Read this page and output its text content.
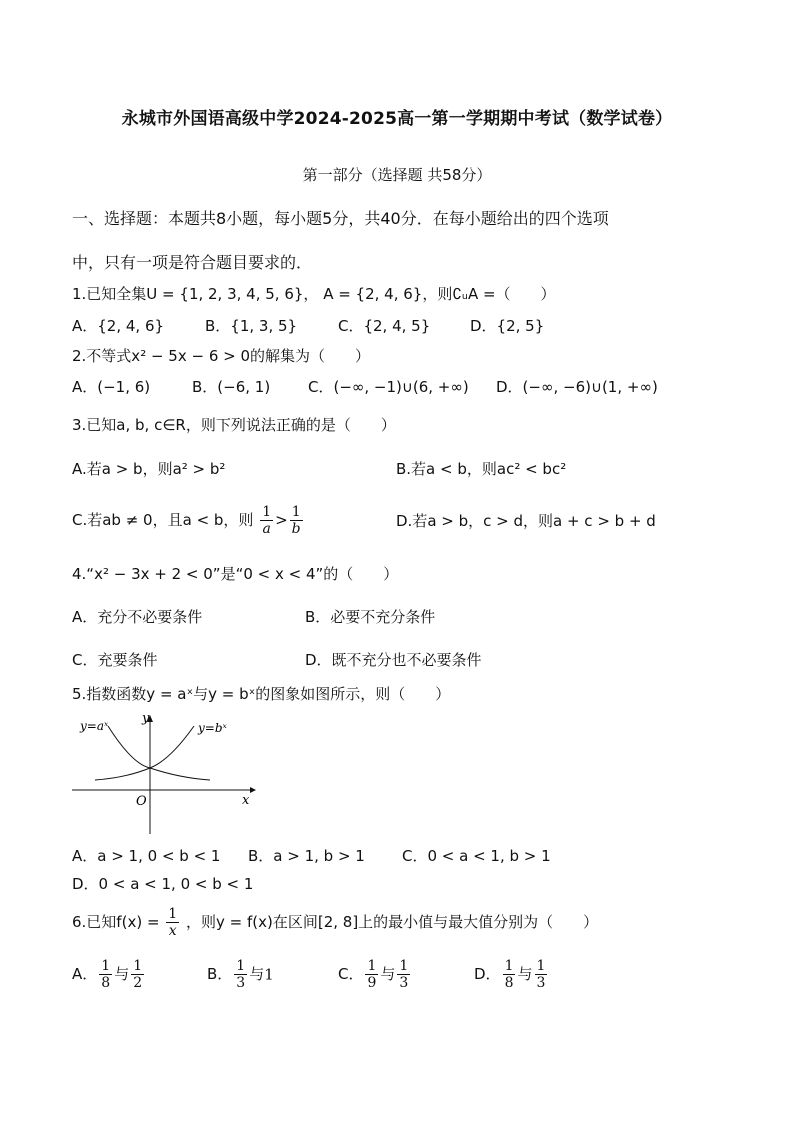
永城市外国语高级中学2024-2025高一第一学期期中考试（数学试卷）
第一部分（选择题 共58分）
一、选择题：本题共8小题，每小题5分，共40分．在每小题给出的四个选项
中，只有一项是符合题目要求的．
1.已知全集U = {1, 2, 3, 4, 5, 6}， A = {2, 4, 6}，则∁ᵤA =（　　）
A．{2, 4, 6}	B．{1, 3, 5}	C．{2, 4, 5}	D．{2, 5}
2.不等式x² − 5x − 6 > 0的解集为（　　）
A．(−1, 6)	B．(−6, 1)	C．(−∞, −1)∪(6, +∞) D．(−∞, −6)∪(1, +∞)
3.已知a, b, c∈R，则下列说法正确的是（　　）
A.若a > b，则a² > b²	B.若a < b，则ac² < bc²
C.若ab ≠ 0，且a < b，则 $\frac{1}{a} > \frac{1}{b}$	D.若a > b，c > d，则a + c > b + d
4.“x² − 3x + 2 < 0”是“0 < x < 4”的（　　）
A．充分不必要条件	B．必要不充分条件
C．充要条件	D．既不充分也不必要条件
5.指数函数y = aˣ与y = bˣ的图象如图所示，则（　　）
y=aˣ	y=bˣ
y
x
O
A．a > 1, 0 < b < 1 B．a > 1, b > 1 C．0 < a < 1, b > 1
D．0 < a < 1, 0 < b < 1
6.已知$f(x) = \frac{1}{x}$ ，则y = f(x)在区间[2, 8]上的最小值与最大值分别为（　　）
A． $\frac{1}{8}$ 与 $\frac{1}{2}$	B． $\frac{1}{3}$ 与1	C． $\frac{1}{9}$ 与 $\frac{1}{3}$	D． $\frac{1}{8}$ 与 $\frac{1}{3}$
